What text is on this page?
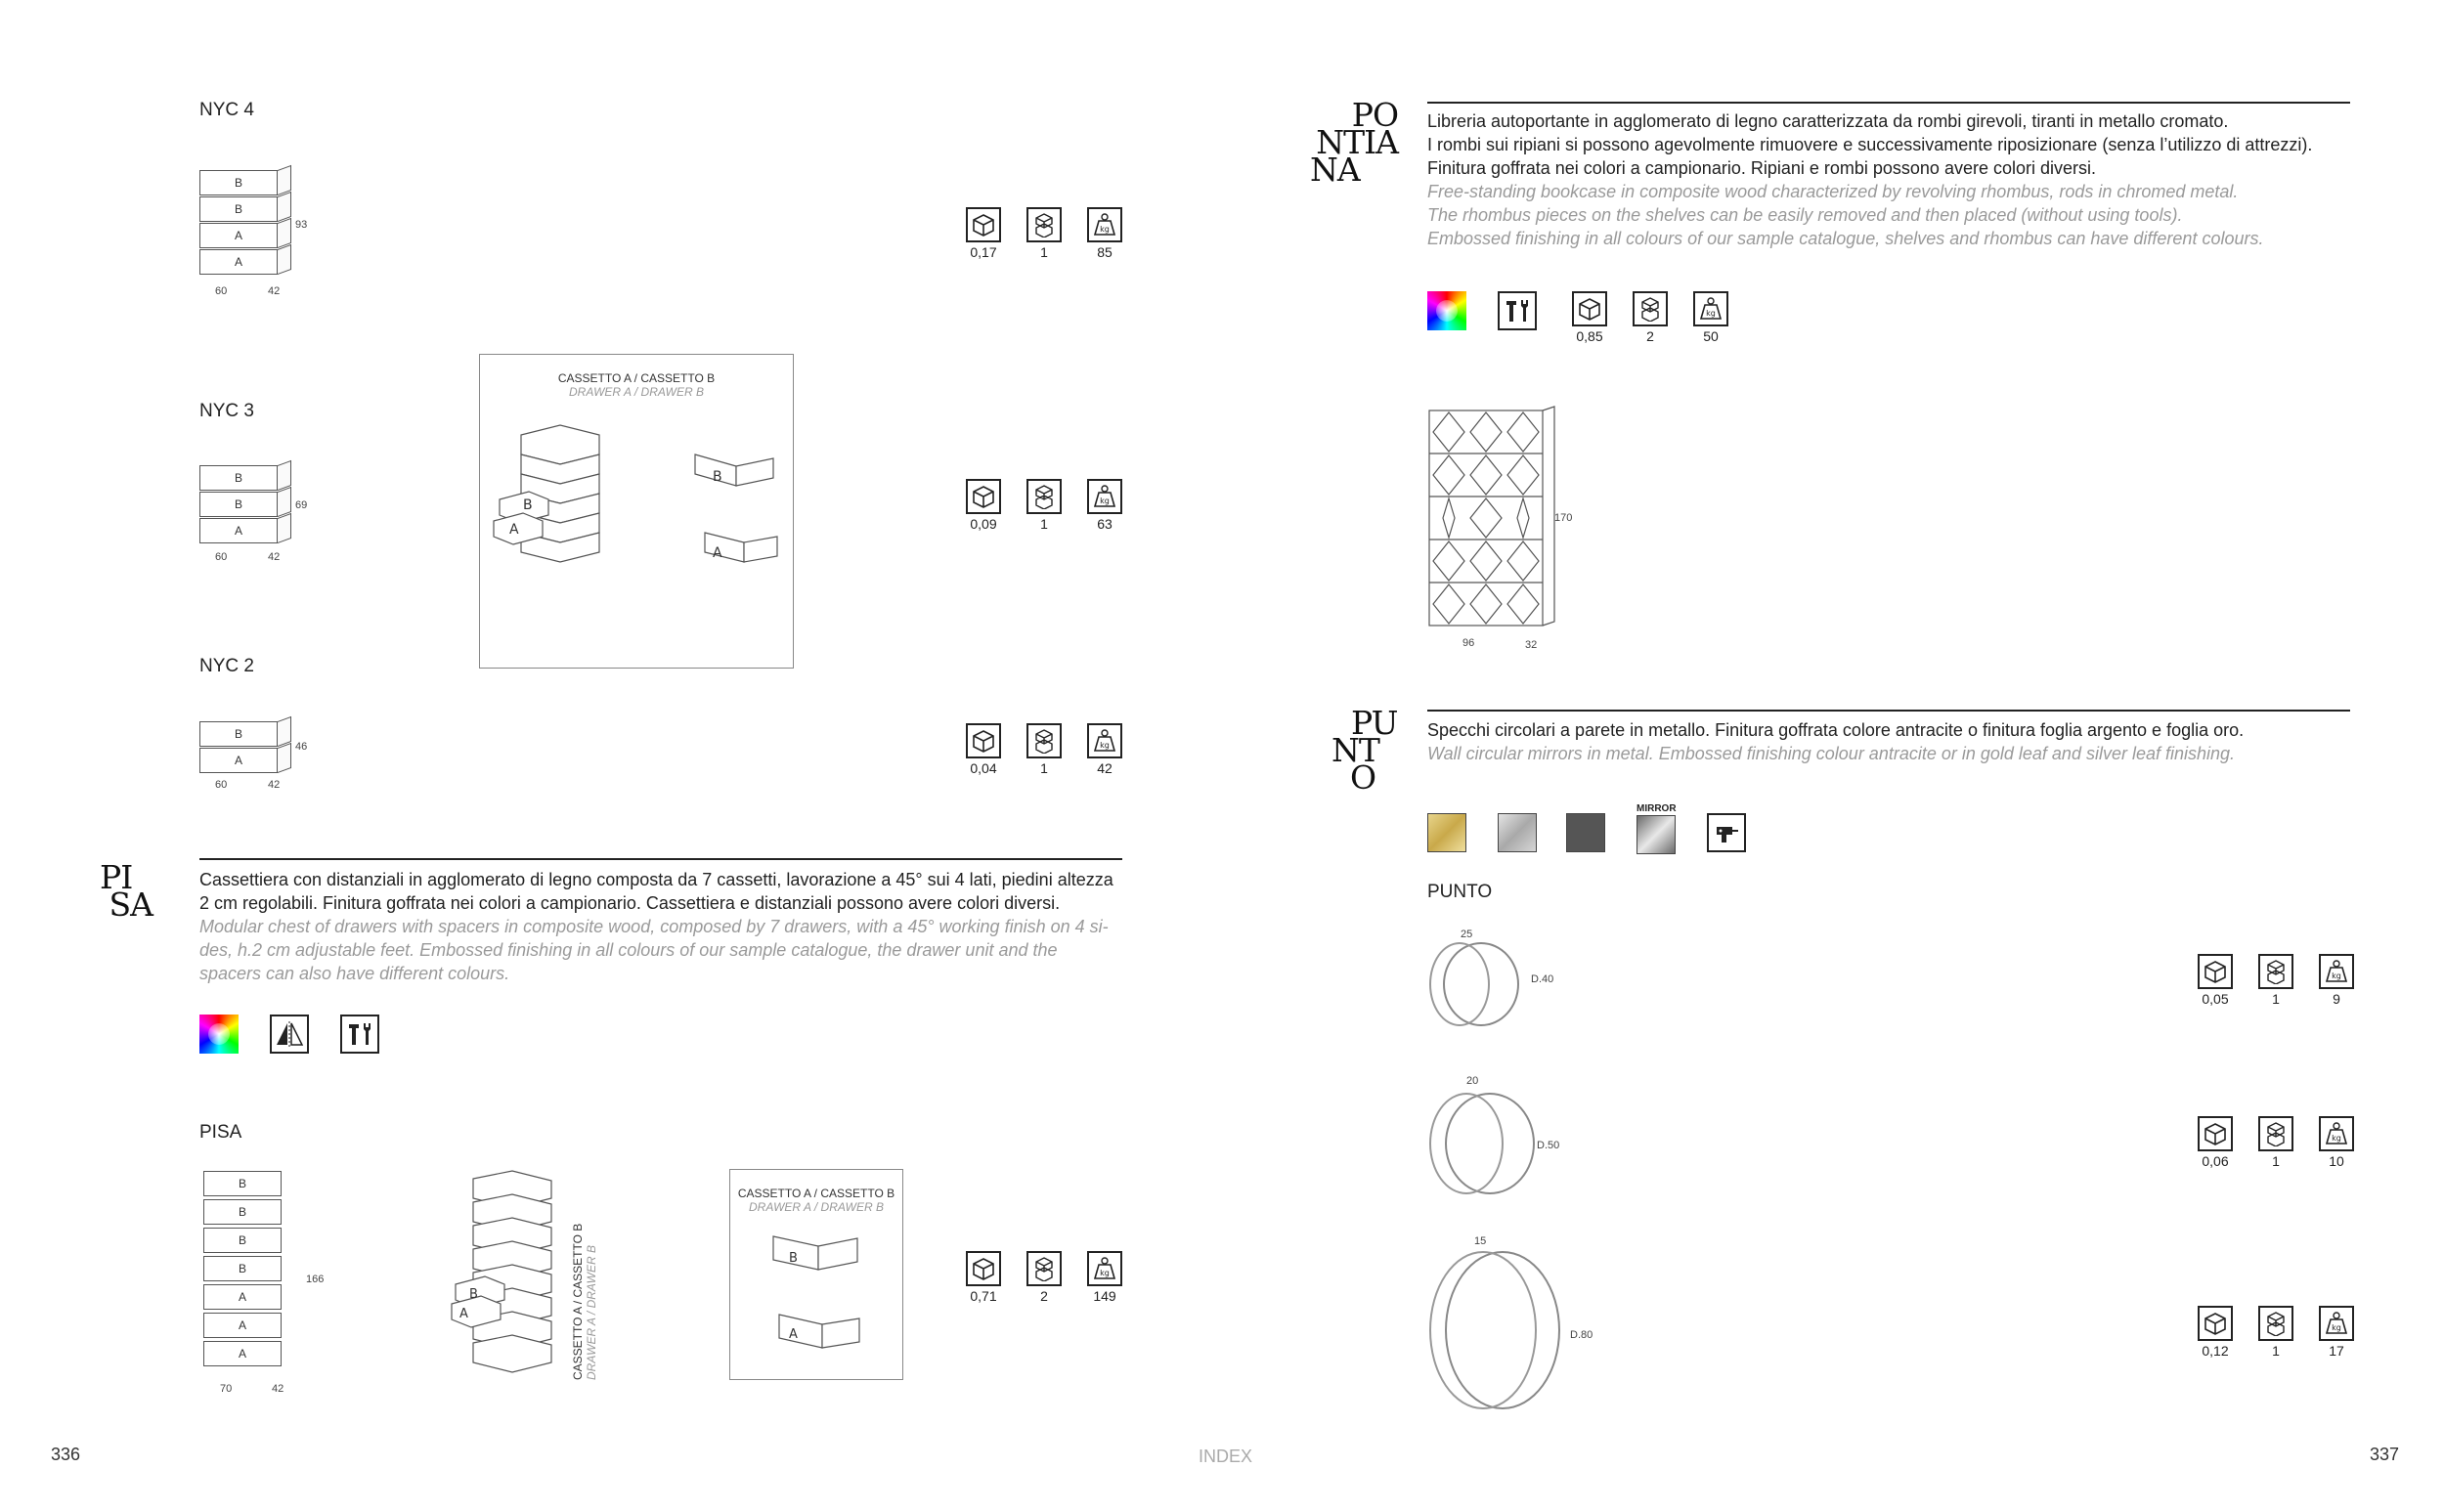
NYC 4
B
B
A
A
93
60	42
0,17	1
kg
85
NYC 3
B
B
A
69
60	42
CASSETTO A / CASSETTO B
DRAWER A / DRAWER B
B
A
B
A
0,09	1
kg
63
NYC 2
B
A
46
60	42
0,04	1
kg
42
PI
SA
Cassettiera con distanziali in agglomerato di legno composta da 7 cassetti, lavorazione a 45° sui 4 lati, piedini altezza 2 cm regolabili. Finitura goffrata nei colori a campionario. Cassettiera e distanziali possono avere colori diversi.
Modular chest of drawers with spacers in composite wood, composed by 7 drawers, with a 45° working finish on 4 sides, h.2 cm adjustable feet. Embossed finishing in all colours of our sample catalogue, the drawer unit and the spacers can also have different colours.
PISA
B
B
B
B
A
A
A
166
70	42
B
A	CASSETTO A / CASSETTO B DRAWER A / DRAWER B
CASSETTO A / CASSETTO B
DRAWER A / DRAWER B
B
A
0,71	2
kg
149
336	INDEX
PO
NTIA
NA
Libreria autoportante in agglomerato di legno caratterizzata da rombi girevoli, tiranti in metallo cromato.
I rombi sui ripiani si possono agevolmente rimuovere e successivamente riposizionare (senza l’utilizzo di attrezzi).
Finitura goffrata nei colori a campionario. Ripiani e rombi possono avere colori diversi.
Free-standing bookcase in composite wood characterized by revolving rhombus, rods in chromed metal.
The rhombus pieces on the shelves can be easily removed and then placed (without using tools).
Embossed finishing in all colours of our sample catalogue, shelves and rhombus can have different colours.
0,85	2
kg
50
170
96	32
PU
NT
O
Specchi circolari a parete in metallo. Finitura goffrata colore antracite o finitura foglia argento e foglia oro.
Wall circular mirrors in metal. Embossed finishing colour antracite or in gold leaf and silver leaf finishing.
MIRROR
PUNTO
25
D.40
0,05	1
kg
9
20
D.50
0,06	1
kg
10
15
D.80
0,12	1
kg
17
337
